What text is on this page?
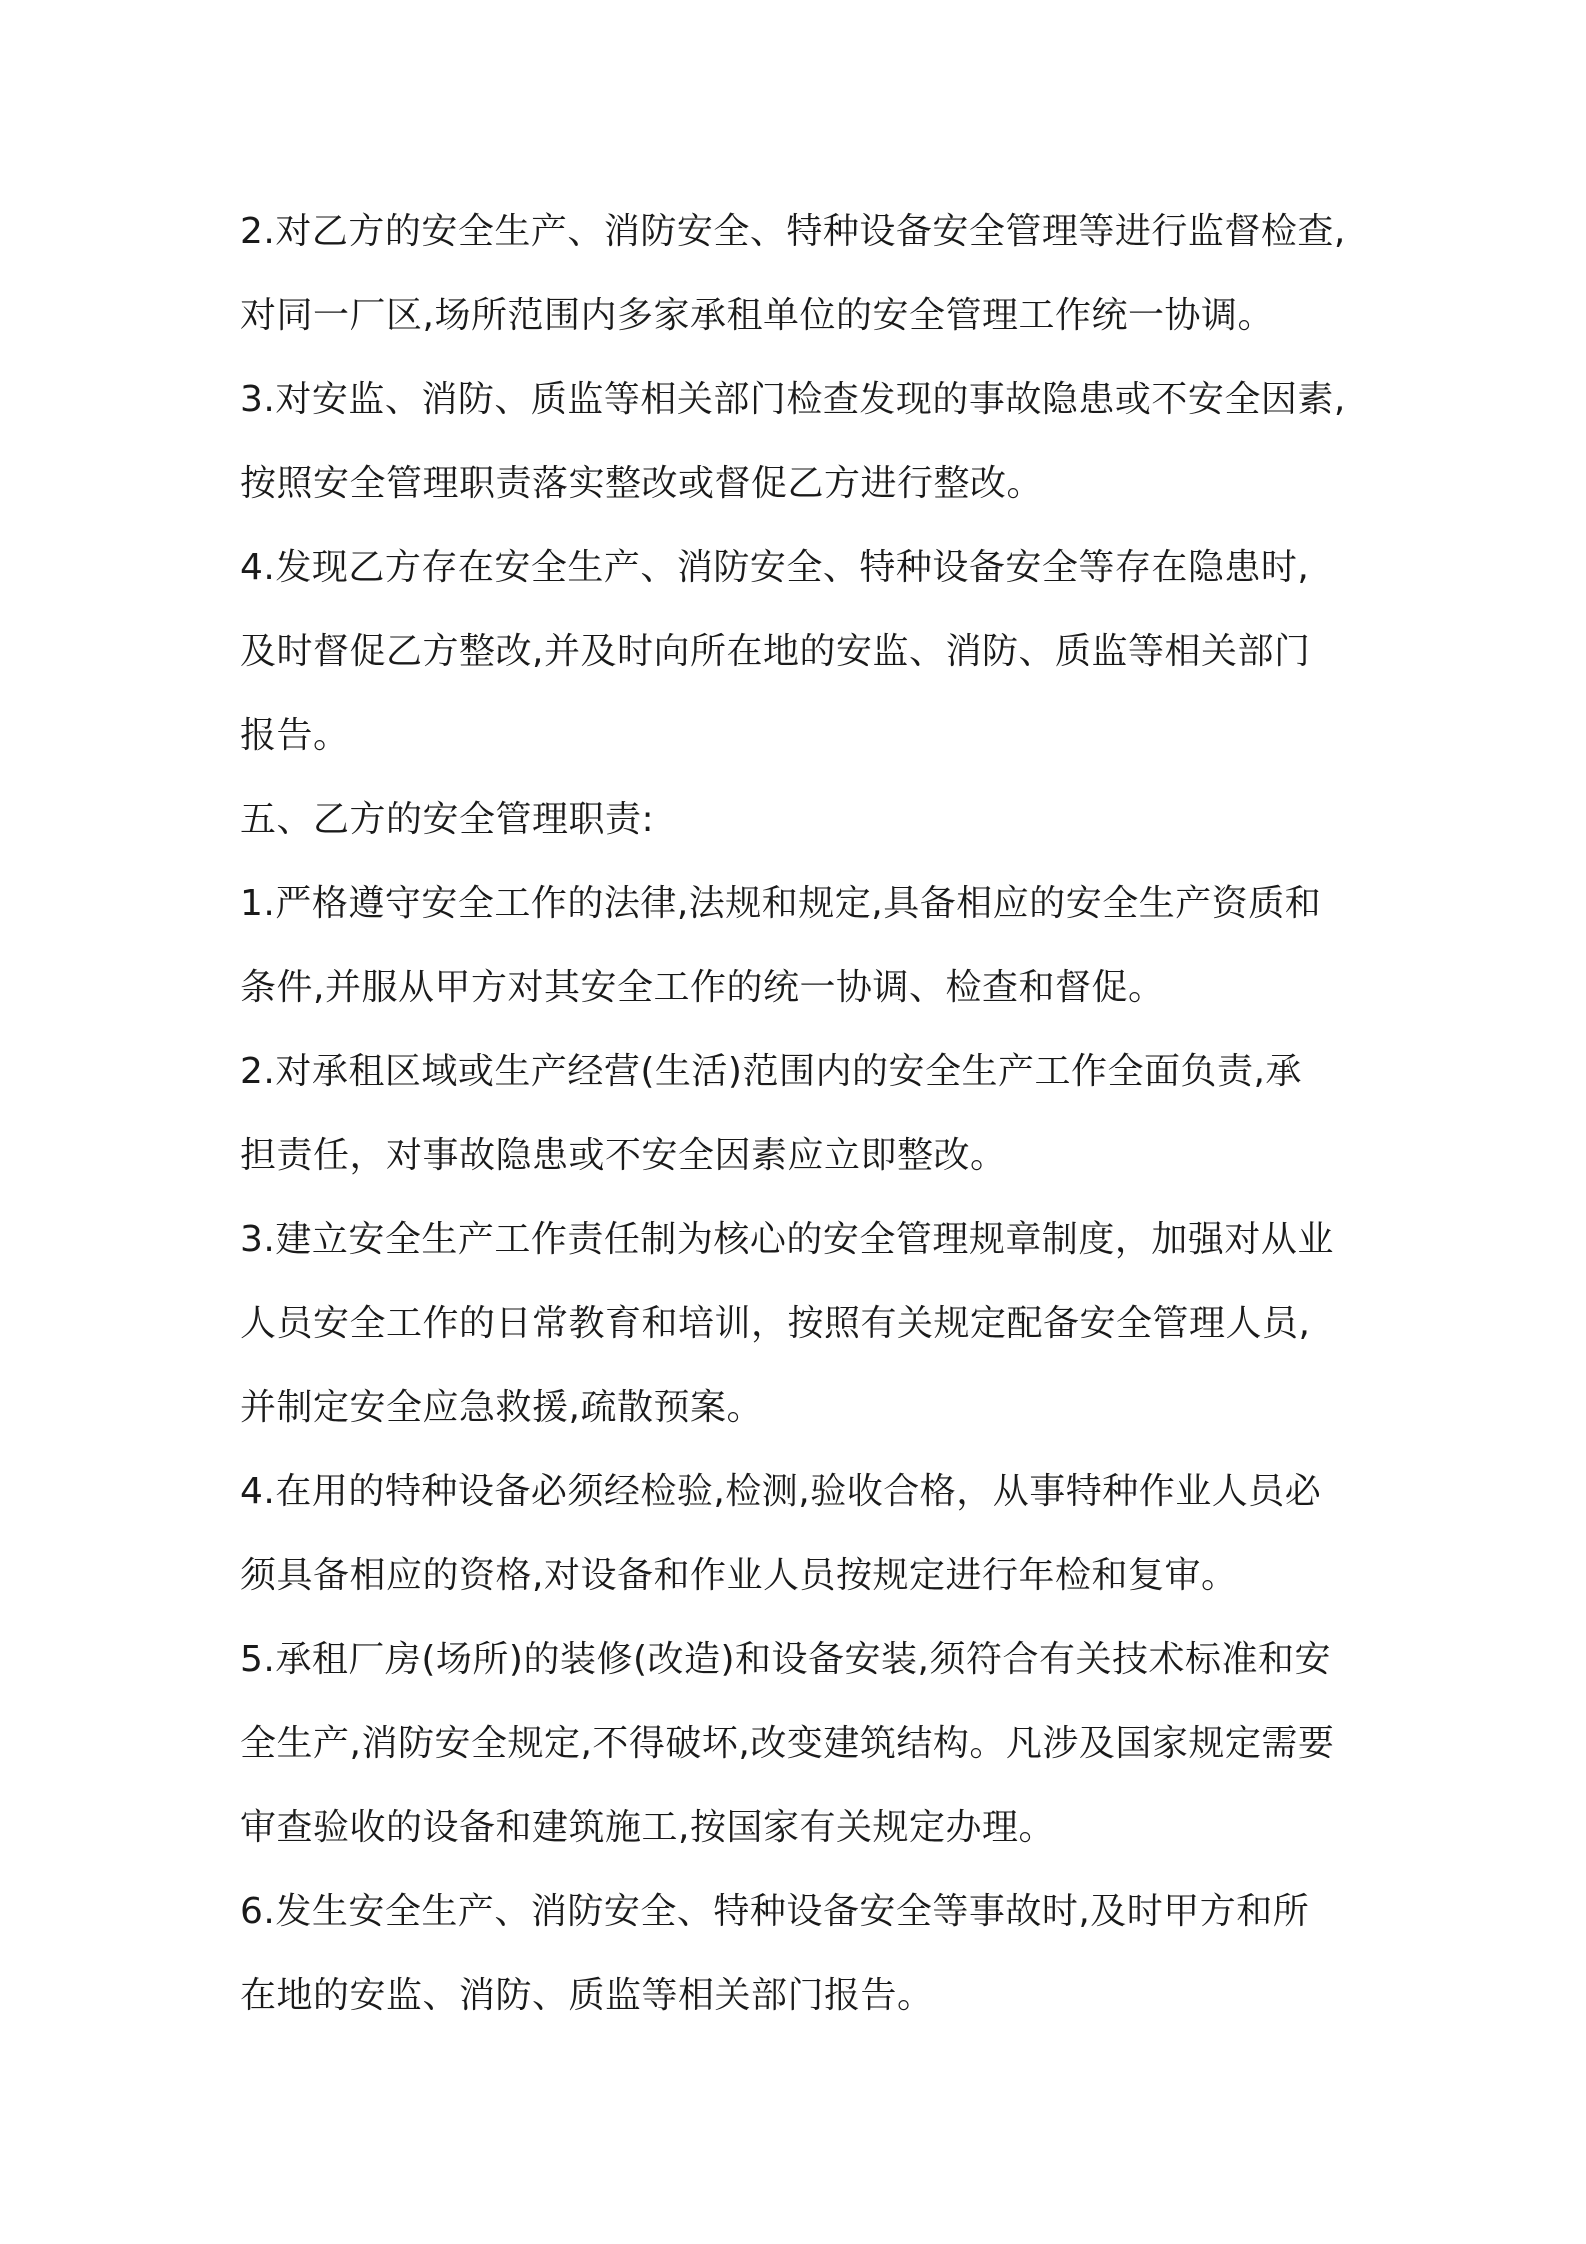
2.对乙方的安全生产、消防安全、特种设备安全管理等进行监督检查,
对同一厂区,场所范围内多家承租单位的安全管理工作统一协调。

3.对安监、消防、质监等相关部门检查发现的事故隐患或不安全因素,
按照安全管理职责落实整改或督促乙方进行整改。

4.发现乙方存在安全生产、消防安全、特种设备安全等存在隐患时,
及时督促乙方整改,并及时向所在地的安监、消防、质监等相关部门
报告。

五、乙方的安全管理职责:

1.严格遵守安全工作的法律,法规和规定,具备相应的安全生产资质和
条件,并服从甲方对其安全工作的统一协调、检查和督促。

2.对承租区域或生产经营(生活)范围内的安全生产工作全面负责,承
担责任，对事故隐患或不安全因素应立即整改。

3.建立安全生产工作责任制为核心的安全管理规章制度，加强对从业
人员安全工作的日常教育和培训，按照有关规定配备安全管理人员,
并制定安全应急救援,疏散预案。

4.在用的特种设备必须经检验,检测,验收合格，从事特种作业人员必
须具备相应的资格,对设备和作业人员按规定进行年检和复审。

5.承租厂房(场所)的装修(改造)和设备安装,须符合有关技术标准和安
全生产,消防安全规定,不得破坏,改变建筑结构。凡涉及国家规定需要
审查验收的设备和建筑施工,按国家有关规定办理。

6.发生安全生产、消防安全、特种设备安全等事故时,及时甲方和所
在地的安监、消防、质监等相关部门报告。
